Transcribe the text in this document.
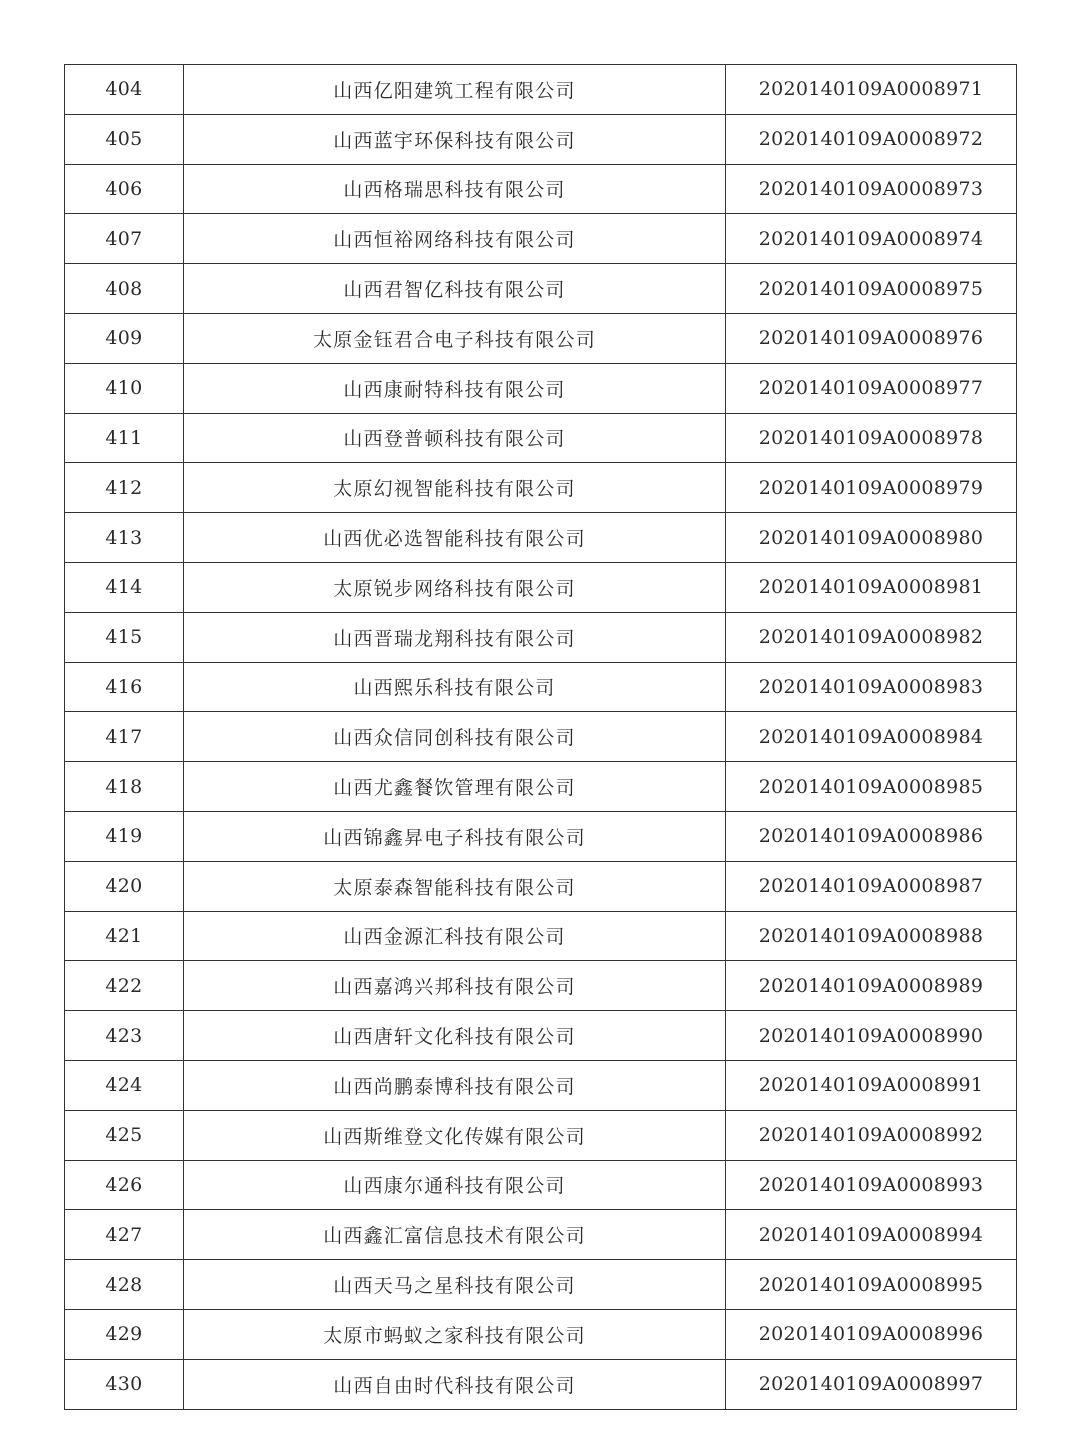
404	山西亿阳建筑工程有限公司	2020140109A0008971
405	山西蓝宇环保科技有限公司	2020140109A0008972
406	山西格瑞思科技有限公司	2020140109A0008973
407	山西恒裕网络科技有限公司	2020140109A0008974
408	山西君智亿科技有限公司	2020140109A0008975
409	太原金钰君合电子科技有限公司	2020140109A0008976
410	山西康耐特科技有限公司	2020140109A0008977
411	山西登普顿科技有限公司	2020140109A0008978
412	太原幻视智能科技有限公司	2020140109A0008979
413	山西优必选智能科技有限公司	2020140109A0008980
414	太原锐步网络科技有限公司	2020140109A0008981
415	山西晋瑞龙翔科技有限公司	2020140109A0008982
416	山西熙乐科技有限公司	2020140109A0008983
417	山西众信同创科技有限公司	2020140109A0008984
418	山西尤鑫餐饮管理有限公司	2020140109A0008985
419	山西锦鑫昇电子科技有限公司	2020140109A0008986
420	太原泰森智能科技有限公司	2020140109A0008987
421	山西金源汇科技有限公司	2020140109A0008988
422	山西嘉鸿兴邦科技有限公司	2020140109A0008989
423	山西唐轩文化科技有限公司	2020140109A0008990
424	山西尚鹏泰博科技有限公司	2020140109A0008991
425	山西斯维登文化传媒有限公司	2020140109A0008992
426	山西康尔通科技有限公司	2020140109A0008993
427	山西鑫汇富信息技术有限公司	2020140109A0008994
428	山西天马之星科技有限公司	2020140109A0008995
429	太原市蚂蚁之家科技有限公司	2020140109A0008996
430	山西自由时代科技有限公司	2020140109A0008997
